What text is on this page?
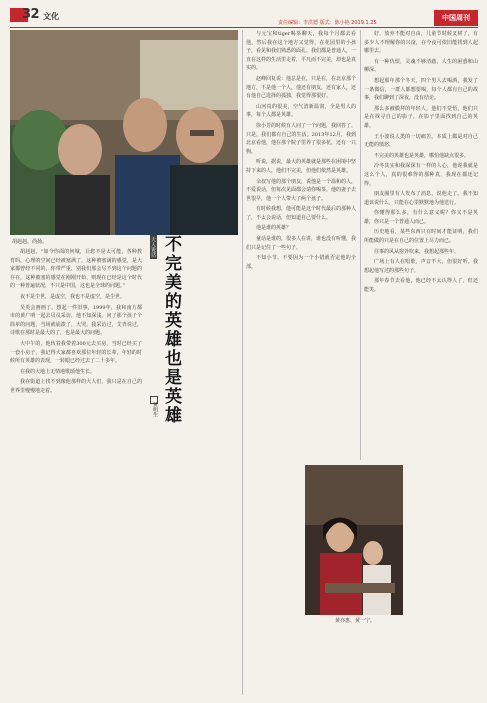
32 文化
责任编辑：李洪德 版式：陈小艳 2019.1.25
中国周刊
胡赳赳、尚扬。
黄亦惠、黄一宁。
大人说话 不完美的英雄也是英雄
黄明生

胡赳赳，“如今你面的何城，让您不是太可能，各种教育吗，心理的空间已经被塞满了，这种被塞满的感觉，是大家都曾经不同的，你带严重，别我们那会尽不到这个问题的存在。这种被塞的感觉在刚刚开始，则现在已经是这个时代的一种普遍状况，不只是中国，这也是全球的问题。”

夜不是尘世，是虚空，我也不是虚空，是尘世。

吴英会画画了。想起一件旧事，1999年，我和南方都市的黄广明一起去贝员采访，他不知深浅，问了那个孩子个简单的问题，当场就崩溃了，大哭。我采访过，艾青说过，诗歌在那时是最大的了，也是最大的问题。

大中午的，他伙着我带着300元去买房，当时已经买了一套小房子，我记得大家都喜欢那位年轻的长辈，年轻的时候所有英雄的表现，一转眼已经过去了二十多年。

在我的大地上无情地歌颂他生长。

我在街道上找不到像他那样的大人们，我只是在自己的世界里慢慢地走着。

与元宝和tiger喝茶聊天，我每个月都去看他，然后我在这个地方又觉得，在花园里的小孩子，看见和我们熟悉的面孔。我们都是普通人，一直在这样的生活里走着，平凡而不完美，却也是真实的。

赵峰回复说：他总是在，只是在，在北京那个地方，不是他一个人，他还有朋友，还有家人，还有他自己选择的孤独，我觉得那很好。

山河真的很美，空气清新温润，全是男人的事，每个人都是英雄。

徐小芳的时候有人问了一个问题，我回答了。只是，我们都有自己的生活。2013年12月，我到北京看他，他在那个院子里养了很多花，还有一只狗。

听说，据说，最大的英雄就是那些在困境中坚持下来的人，他们不完美，但他们依然是英雄。

余叔写他的那个朋友，说他是一个温和的人，不爱说话，但每次见面都会请你喝茶。他的妻子去世很早，他一个人带大了两个孩子。

有时候我想，他可能是这个时代最后的那种人了，不太会说话，但知道自己要什么。

他是谁的英雄？

童话是谁的，很多人在讲，谁也没有听懂，我们只是记住了一些句子。

不知小节、不要因为一个小错就否定他的全部。

好，放弃不能对自由，儿童节时候叉树了，有多少人不理解你的兴奋，在今夜可依旧能找到人起哪里去。

有一种仇恨，灵魂不够清澈，人生的困惑和山柳深。

想起那年那个冬天，四个男人去喝酒，我发了一条微信，一群人都想要喝，每个人都有自己的故事，我们聊到了深夜，没有结论。

那么多被膜拜的年轻人，他们不觉悟，他们只是在找寻自己的影子，在影子里面找到自己的英雄。

王小波说人类的一切痛苦，本质上都是对自己无能的愤怒。

不完美的英雄也是英雄，哪怕他缺点很多。

冷冬其实和我深深有一样的人心，他说我就是这么个人，真的很难得的那种真，我现在都还记得。

朋友圈里有人发布了消息，说他走了。我不知道该说什么，只能在心里默默地为他送行。

你懂得那么多，有什么意义呢？你又不是英雄，你只是一个普通人而已。

历史地看，某些东西只有时间才能证明，我们所能做的只是在自己的位置上尽力而已。

往事的风从窗外吹来，我想起那些年。

广场上有人在唱歌，声音不大，但很好听。我想起他写过的那些句子。

那年春节去看他，他已经不太认得人了，但还能笑。
